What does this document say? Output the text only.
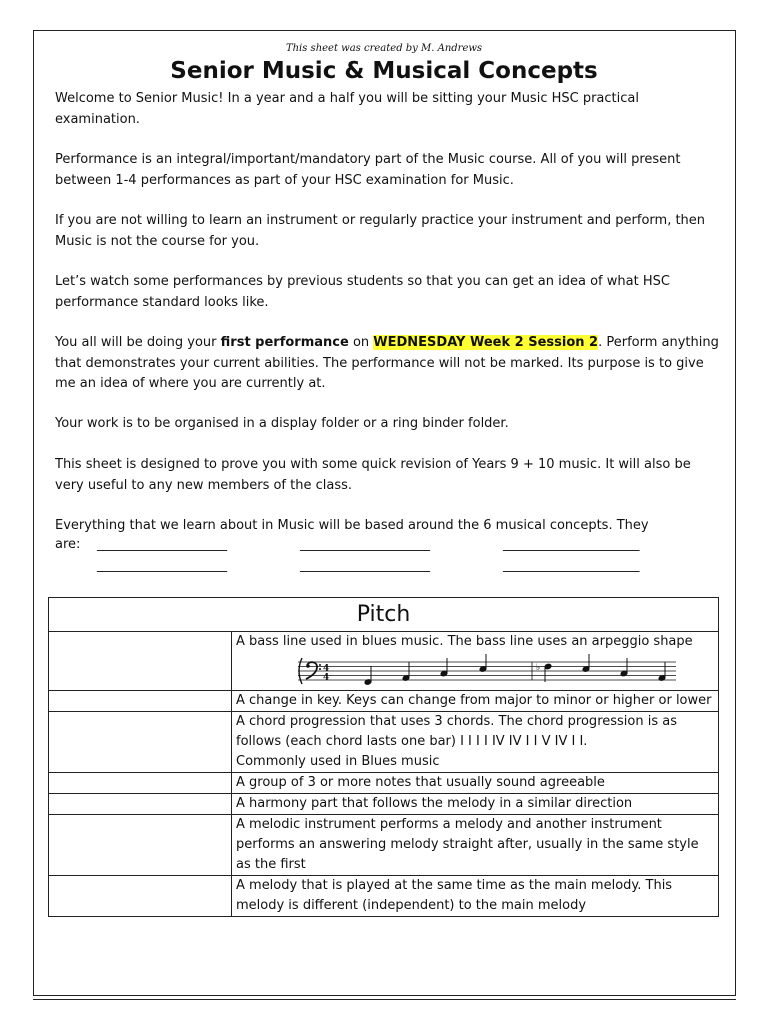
This sheet was created by M. Andrews
Senior Music & Musical Concepts

Welcome to Senior Music! In a year and a half you will be sitting your Music HSC practical examination.

Performance is an integral/important/mandatory part of the Music course. All of you will present between 1-4 performances as part of your HSC examination for Music.

If you are not willing to learn an instrument or regularly practice your instrument and perform, then Music is not the course for you.

Let’s watch some performances by previous students so that you can get an idea of what HSC performance standard looks like.

You all will be doing your first performance on WEDNESDAY Week 2 Session 2. Perform anything that demonstrates your current abilities. The performance will not be marked. Its purpose is to give me an idea of where you are currently at.

Your work is to be organised in a display folder or a ring binder folder.

This sheet is designed to prove you with some quick revision of Years 9 + 10 music. It will also be very useful to any new members of the class.

Everything that we learn about in Music will be based around the 6 musical concepts. They

are: ____________________	____________________	_____________________
____________________	____________________	_____________________
Pitch	
	A bass line used in blues music. The bass line uses an arpeggio shape
4
4
♭

	A change in key. Keys can change from major to minor or higher or lower
	A chord progression that uses 3 chords. The chord progression is as follows (each chord lasts one bar) I I I I IV IV I I V IV I I.
Commonly used in Blues music
	A group of 3 or more notes that usually sound agreeable
	A harmony part that follows the melody in a similar direction
	A melodic instrument performs a melody and another instrument performs an answering melody straight after, usually in the same style as the first
	A melody that is played at the same time as the main melody. This melody is different (independent) to the main melody
